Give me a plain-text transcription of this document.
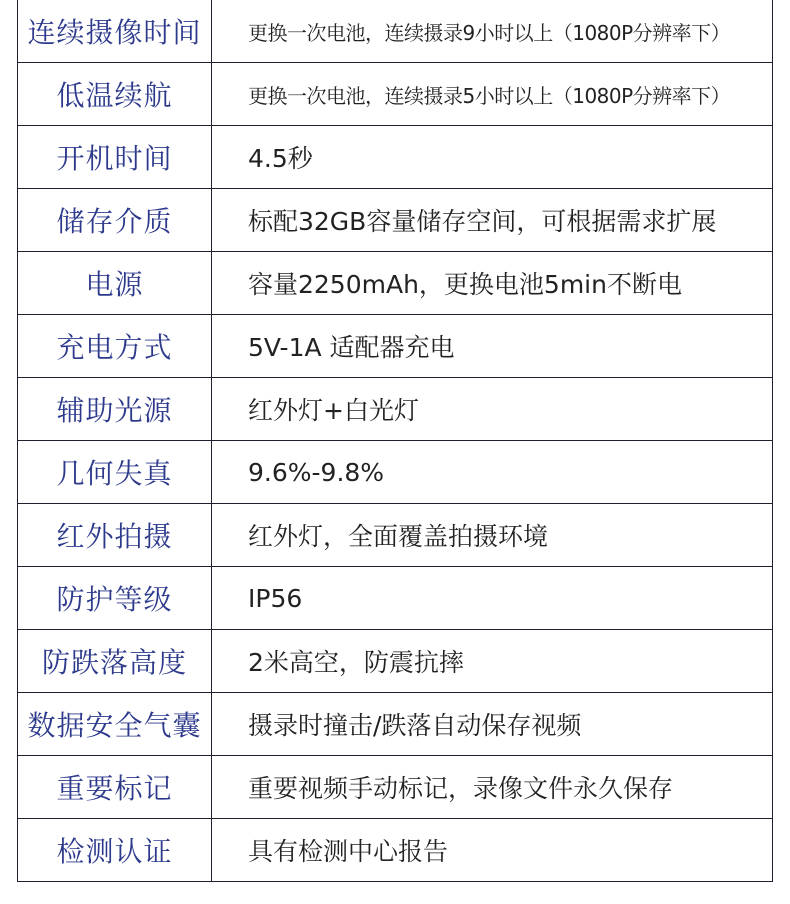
连续摄像时间	更换一次电池，连续摄录9小时以上（1080P分辨率下）
低温续航	更换一次电池，连续摄录5小时以上（1080P分辨率下）
开机时间	4.5秒
储存介质	标配32GB容量储存空间，可根据需求扩展
电源	容量2250mAh，更换电池5min不断电
充电方式	5V-1A 适配器充电
辅助光源	红外灯+白光灯
几何失真	9.6%-9.8%
红外拍摄	红外灯，全面覆盖拍摄环境
防护等级	IP56
防跌落高度	2米高空，防震抗摔
数据安全气囊	摄录时撞击/跌落自动保存视频
重要标记	重要视频手动标记，录像文件永久保存
检测认证	具有检测中心报告
